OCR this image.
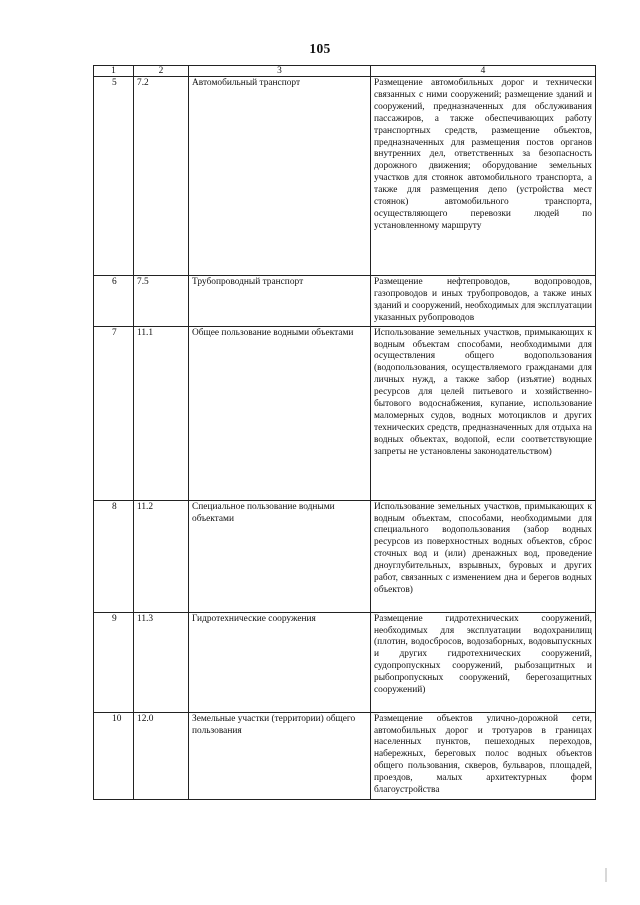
105
1	2	3	4
5	7.2	Автомобильный транспорт	Размещение автомобильных дорог и технически связанных с ними сооружений; размещение зданий и сооружений, предназначенных для обслуживания пассажиров, а также обеспечивающих работу транспортных средств, размещение объектов, предназначенных для размещения постов органов внутренних дел, ответственных за безопасность дорожного движения; оборудование земельных участков для стоянок автомобильного транспорта, а также для размещения депо (устройства мест стоянок) автомобильного транспорта, осуществляющего перевозки людей по установленному маршруту
6	7.5	Трубопроводный транспорт	Размещение нефтепроводов, водопроводов, газопроводов и иных трубопроводов, а также иных зданий и сооружений, необходимых для эксплуатации указанных рубопроводов
7	11.1	Общее пользование водными объектами	Использование земельных участков, примыкающих к водным объектам способами, необходимыми для осуществления общего водопользования (водопользования, осуществляемого гражданами для личных нужд, а также забор (изъятие) водных ресурсов для целей питьевого и хозяйственно-бытового водоснабжения, купание, использование маломерных судов, водных мотоциклов и других технических средств, предназначенных для отдыха на водных объектах, водопой, если соответствующие запреты не установлены законодательством)
8	11.2	Специальное пользование водными объектами	Использование земельных участков, примыкающих к водным объектам, способами, необходимыми для специального водопользования (забор водных ресурсов из поверхностных водных объектов, сброс сточных вод и (или) дренажных вод, проведение дноуглубительных, взрывных, буровых и других работ, связанных с изменением дна и берегов водных объектов)
9	11.3	Гидротехнические сооружения	Размещение гидротехнических сооружений, необходимых для эксплуатации водохранилищ (плотин, водосбросов, водозаборных, водовыпускных и других гидротехнических сооружений, судопропускных сооружений, рыбозащитных и рыбопропускных сооружений, берегозащитных сооружений)
10	12.0	Земельные участки (территории) общего пользования	Размещение объектов улично-дорожной сети, автомобильных дорог и тротуаров в границах населенных пунктов, пешеходных переходов, набережных, береговых полос водных объектов общего пользования, скверов, бульваров, площадей, проездов, малых архитектурных форм благоустройства
